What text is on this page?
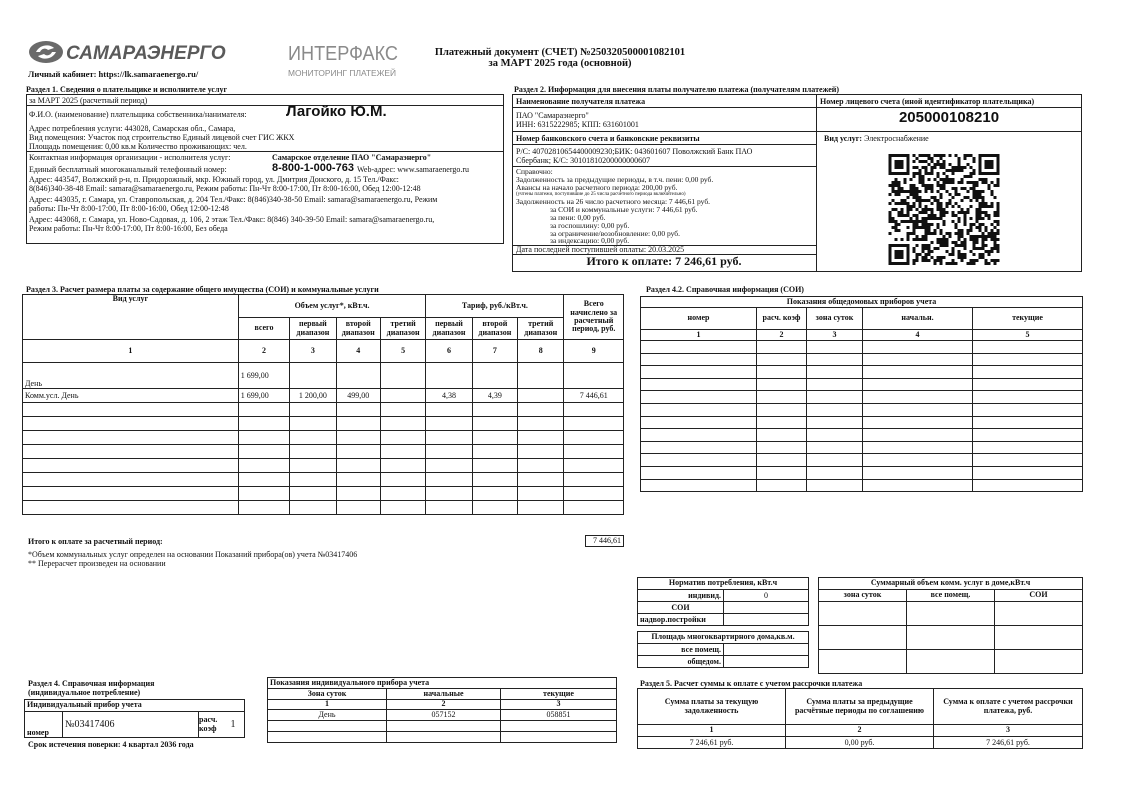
САМАРАЭНЕРГО	ИНТЕРФАКС
МОНИТОРИНГ ПЛАТЕЖЕЙ
Личный кабинет: https://lk.samaraenergo.ru/
Платежный документ (СЧЕТ) №250320500001082101
за МАРТ 2025 года (основной)
Раздел 1. Сведения о плательщике и исполнителе услуг
за МАРТ 2025 (расчетный период)
Ф.И.О. (наименование) плательщика собственника/нанимателя:	Лагойко Ю.М.
Адрес потребления услуги: 443028, Самарская обл., Самара,
Вид помещения: Участок под строительство Единый лицевой счет ГИС ЖКХ
Площадь помещения: 0,00 кв.м Количество проживающих: чел.
Контактная информация организации - исполнителя услуг:	Самарское отделение ПАО "Самараэнерго"
Единый бесплатный многоканальный телефонный номер:	8-800-1-000-763 Web-адрес: www.samaraenergo.ru
Адрес: 443547, Волжский р-н, п. Придорожный, мкр. Южный город, ул. Дмитрия Донского, д. 15 Тел./Факс:
8(846)340-38-48 Email: samara@samaraenergo.ru, Режим работы: Пн-Чт 8:00-17:00, Пт 8:00-16:00, Обед 12:00-12:48
Адрес: 443035, г. Самара, ул. Ставропольская, д. 204 Тел./Факс: 8(846)340-38-50 Email: samara@samaraenergo.ru, Режим
работы: Пн-Чт 8:00-17:00, Пт 8:00-16:00, Обед 12:00-12:48
Адрес: 443068, г. Самара, ул. Ново-Садовая, д. 106, 2 этаж Тел./Факс: 8(846) 340-39-50 Email: samara@samaraenergo.ru,
Режим работы: Пн-Чт 8:00-17:00, Пт 8:00-16:00, Без обеда
Раздел 2. Информация для внесения платы получателю платежа (получателям платежей)
Наименование получателя платежа	Номер лицевого счета (иной идентификатор плательщика)
ПАО "Самараэнерго"
ИНН: 6315222985; КПП: 631601001	205000108210
Номер банковского счета и банковские реквизиты	Вид услуг: Электроснабжение
Р/С: 40702810654400009230;БИК: 043601607 Поволжский Банк ПАО
Сбербанк; К/С: 30101810200000000607
Справочно:
Задолженность за предыдущие периоды, в т.ч. пени: 0,00 руб.
Авансы на начало расчетного периода: 200,00 руб.
(учтены платежи, поступившие до 25 числа расчетного периода включительно)
Задолженность на 26 число расчетного месяца: 7 446,61 руб.
за СОИ и коммунальные услуги: 7 446,61 руб.
за пени: 0,00 руб.
за госпошлину: 0,00 руб.
за ограничение/возобновление: 0,00 руб.
за индексацию: 0,00 руб.
Дата последней поступившей оплаты: 20.03.2025
Итого к оплате: 7 246,61 руб.
Раздел 3. Расчет размера платы за содержание общего имущества (СОИ) и коммунальные услуги
Вид услуг	Объем услуг*, кВт.ч.				Тариф, руб./кВт.ч.			Всего начислено за расчетный период, руб.
	всего	первый диапазон	второй диапазон	третий диапазон	первый диапазон	второй диапазон	третий диапазон	
1	2	3	4	5	6	7	8	9
День	1 699,00							
Комм.усл. День	1 699,00	1 200,00	499,00		4,38	4,39		7 446,61

Итого к оплате за расчетный период:	7 446,61
*Объем коммунальных услуг определен на основании Показаний прибора(ов) учета №03417406
** Перерасчет произведен на основании
Раздел 4.2. Справочная информация (СОИ)
Показания общедомовых приборов учета				
номер	расч. коэф	зона суток	начальн.	текущие
1	2	3	4	5

Норматив потребления, кВт.ч	
индивид.	0
СОИ	
надвор.постройки	

Площадь многоквартирного дома,кв.м.	
все помещ.	
общедом.	
Суммарный объем комм. услуг в доме,кВт.ч		
зона суток	все помещ.	СОИ

Раздел 4. Справочная информация
(индивидуальное потребление)
Индивидуальный прибор учета
номер	№03417406	расч. коэф 1
Срок истечения поверки: 4 квартал 2036 года
Показания индивидуального прибора учета		
Зона суток	начальные	текущие
1	2	3
День	057152	058851

Раздел 5. Расчет суммы к оплате с учетом рассрочки платежа
Сумма платы за текущую задолженность	Сумма платы за предыдущие расчётные периоды по соглашению	Сумма к оплате с учетом рассрочки платежа, руб.
1	2	3
7 246,61 руб.	0,00 руб.	7 246,61 руб.
